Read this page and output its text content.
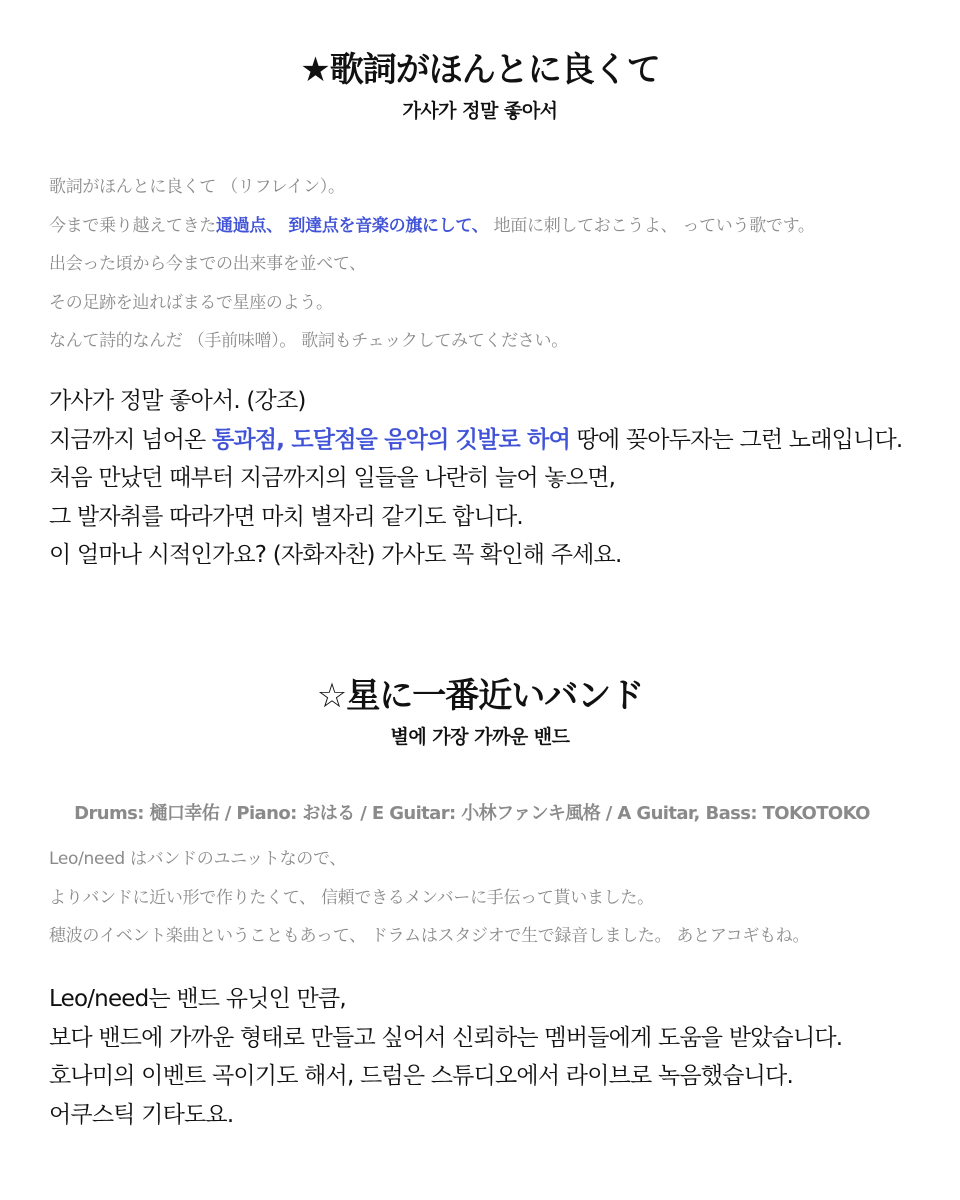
★歌詞がほんとに良くて
가사가 정말 좋아서
歌詞がほんとに良くて （リフレイン）。
今まで乗り越えてきた通過点、 到達点を音楽の旗にして、 地面に刺しておこうよ、 っていう歌です。
出会った頃から今までの出来事を並べて、
その足跡を辿ればまるで星座のよう。
なんて詩的なんだ （手前味噌）。 歌詞もチェックしてみてください。
가사가 정말 좋아서. (강조)
지금까지 넘어온 통과점, 도달점을 음악의 깃발로 하여 땅에 꽂아두자는 그런 노래입니다.
처음 만났던 때부터 지금까지의 일들을 나란히 늘어 놓으면,
그 발자취를 따라가면 마치 별자리 같기도 합니다.
이 얼마나 시적인가요? (자화자찬) 가사도 꼭 확인해 주세요.
☆星に一番近いバンド
별에 가장 가까운 밴드
Drums: 樋口幸佑 / Piano: おはる / E Guitar: 小林ファンキ風格 / A Guitar, Bass: TOKOTOKO
Leo/need はバンドのユニットなので、
よりバンドに近い形で作りたくて、 信頼できるメンバーに手伝って貰いました。
穂波のイベント楽曲ということもあって、 ドラムはスタジオで生で録音しました。 あとアコギもね。
Leo/need는 밴드 유닛인 만큼,
보다 밴드에 가까운 형태로 만들고 싶어서 신뢰하는 멤버들에게 도움을 받았습니다.
호나미의 이벤트 곡이기도 해서, 드럼은 스튜디오에서 라이브로 녹음했습니다.
어쿠스틱 기타도요.
